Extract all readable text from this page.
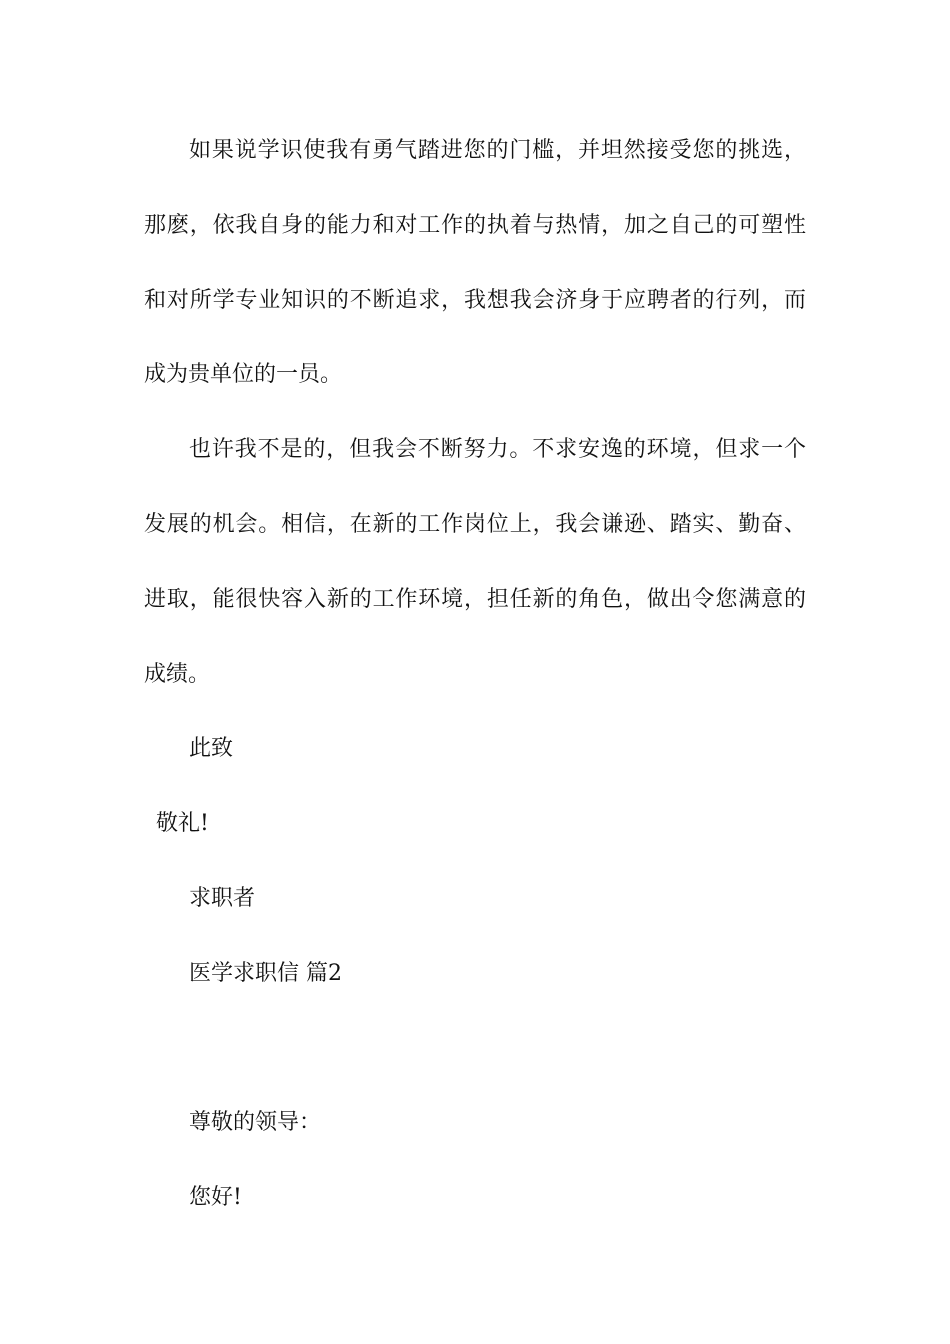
如果说学识使我有勇气踏进您的门槛，并坦然接受您的挑选，
那麽，依我自身的能力和对工作的执着与热情，加之自己的可塑性
和对所学专业知识的不断追求，我想我会济身于应聘者的行列，而
成为贵单位的一员。
也许我不是的，但我会不断努力。不求安逸的环境，但求一个
发展的机会。相信，在新的工作岗位上，我会谦逊、踏实、勤奋、
进取，能很快容入新的工作环境，担任新的角色，做出令您满意的
成绩。
此致
敬礼!
求职者
医学求职信 篇2
尊敬的领导：
您好!
